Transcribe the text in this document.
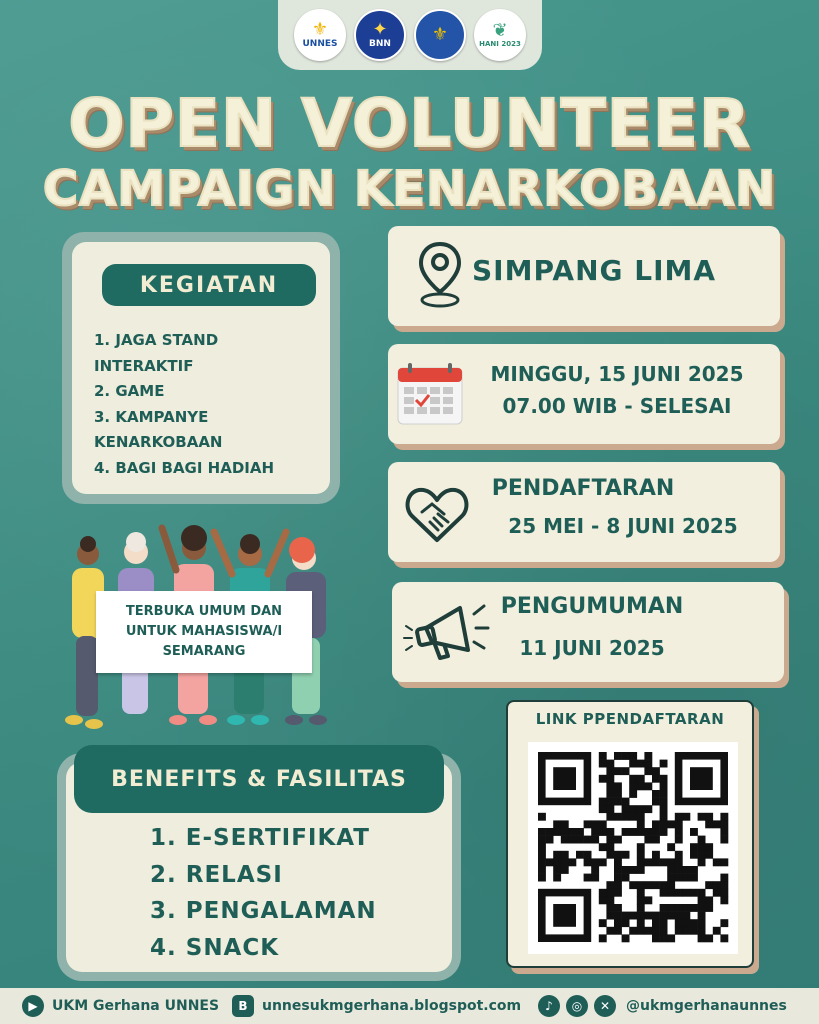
⚜
UNNES
✦
BNN ⚜ ❦
HANI 2023
OPEN VOLUNTEER
CAMPAIGN KENARKOBAAN
KEGIATAN
1. JAGA STAND
INTERAKTIF
2. GAME
3. KAMPANYE
KENARKOBAAN
4. BAGI BAGI HADIAH
SIMPANG LIMA
MINGGU, 15 JUNI 2025
07.00 WIB - SELESAI
PENDAFTARAN
25 MEI - 8 JUNI 2025
PENGUMUMAN
11 JUNI 2025
TERBUKA UMUM DAN
UNTUK MAHASISWA/I
SEMARANG
BENEFITS & FASILITAS
1. E-SERTIFIKAT
2. RELASI
3. PENGALAMAN
4. SNACK
LINK PPENDAFTARAN
▶	UKM Gerhana UNNES	B	unnesukmgerhana.blogspot.com	♪	◎	✕	@ukmgerhanaunnes
